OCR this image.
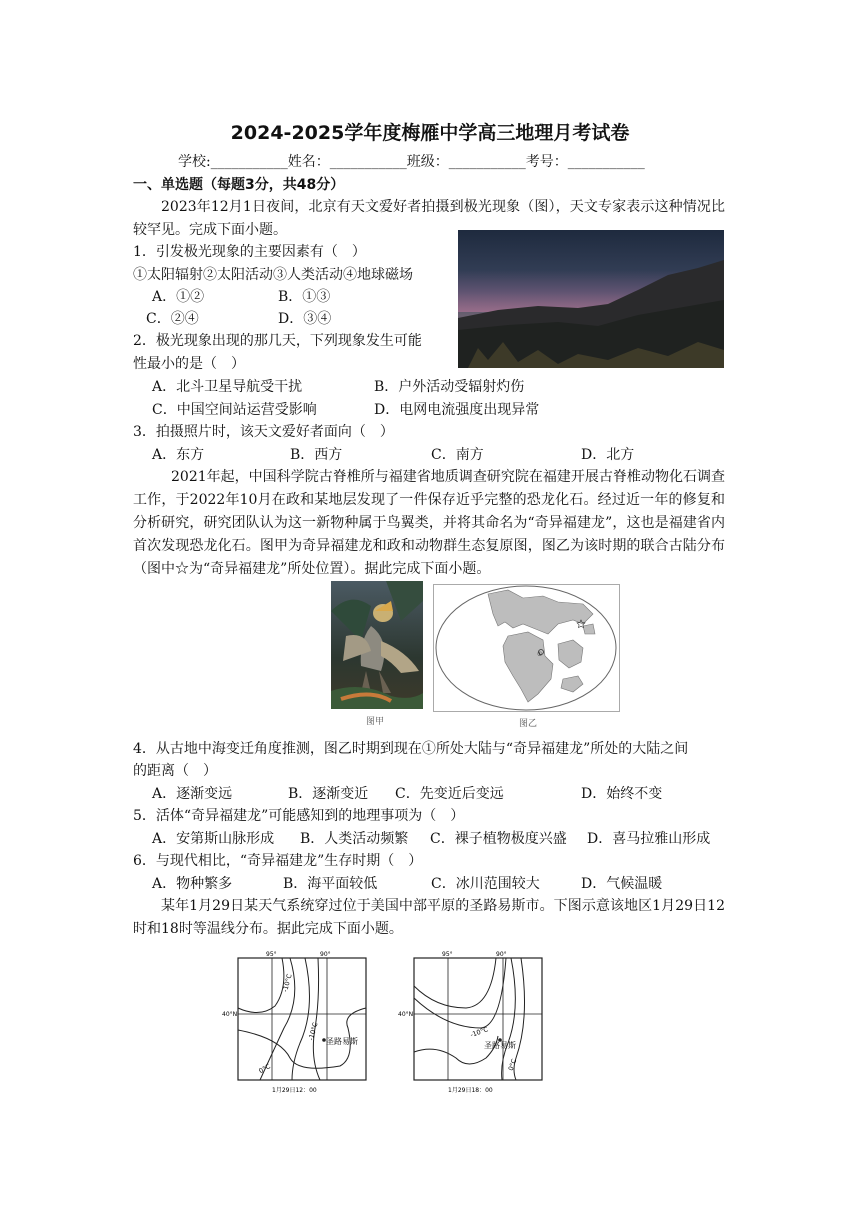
2024-2025学年度梅雁中学高三地理月考试卷
学校:___________姓名：___________班级：___________考号：___________
一、单选题（每题3分，共48分）
2023年12月1日夜间，北京有天文爱好者拍摄到极光现象（图），天文专家表示这种情况比较罕见。完成下面小题。
1．引发极光现象的主要因素有（　）
①太阳辐射②太阳活动③人类活动④地球磁场
A．①②	B．①③
C．②④	D．③④
2．极光现象出现的那几天，下列现象发生可能
性最小的是（　）
A．北斗卫星导航受干扰	B．户外活动受辐射灼伤
C．中国空间站运营受影响	D．电网电流强度出现异常
3．拍摄照片时，该天文爱好者面向（　）
A．东方	B．西方	C．南方	D．北方
2021年起，中国科学院古脊椎所与福建省地质调查研究院在福建开展古脊椎动物化石调查工作，于2022年10月在政和某地层发现了一件保存近乎完整的恐龙化石。经过近一年的修复和分析研究，研究团队认为这一新物种属于鸟翼类，并将其命名为“奇异福建龙”，这也是福建省内首次发现恐龙化石。图甲为奇异福建龙和政和动物群生态复原图，图乙为该时期的联合古陆分布（图中☆为“奇异福建龙”所处位置）。据此完成下面小题。
图甲
①
图乙
4．从古地中海变迁角度推测，图乙时期到现在①所处大陆与“奇异福建龙”所处的大陆之间
的距离（　）
A．逐渐变远	B．逐渐变近 C．先变近后变远	D．始终不变
5．活体“奇异福建龙”可能感知到的地理事项为（　）
A．安第斯山脉形成 B．人类活动频繁 C．裸子植物极度兴盛 D．喜马拉雅山形成
6．与现代相比，“奇异福建龙”生存时期（　）
A．物种繁多	B．海平面较低	C．冰川范围较大	D．气候温暖
某年1月29日某天气系统穿过位于美国中部平原的圣路易斯市。下图示意该地区1月29日12时和18时等温线分布。据此完成下面小题。
95°	90°
40°N
-10°C
-10°C
0°C
圣路易斯
1月29日12：00
95°	90°
40°N
-10°C
0°C
圣路易斯
1月29日18：00
